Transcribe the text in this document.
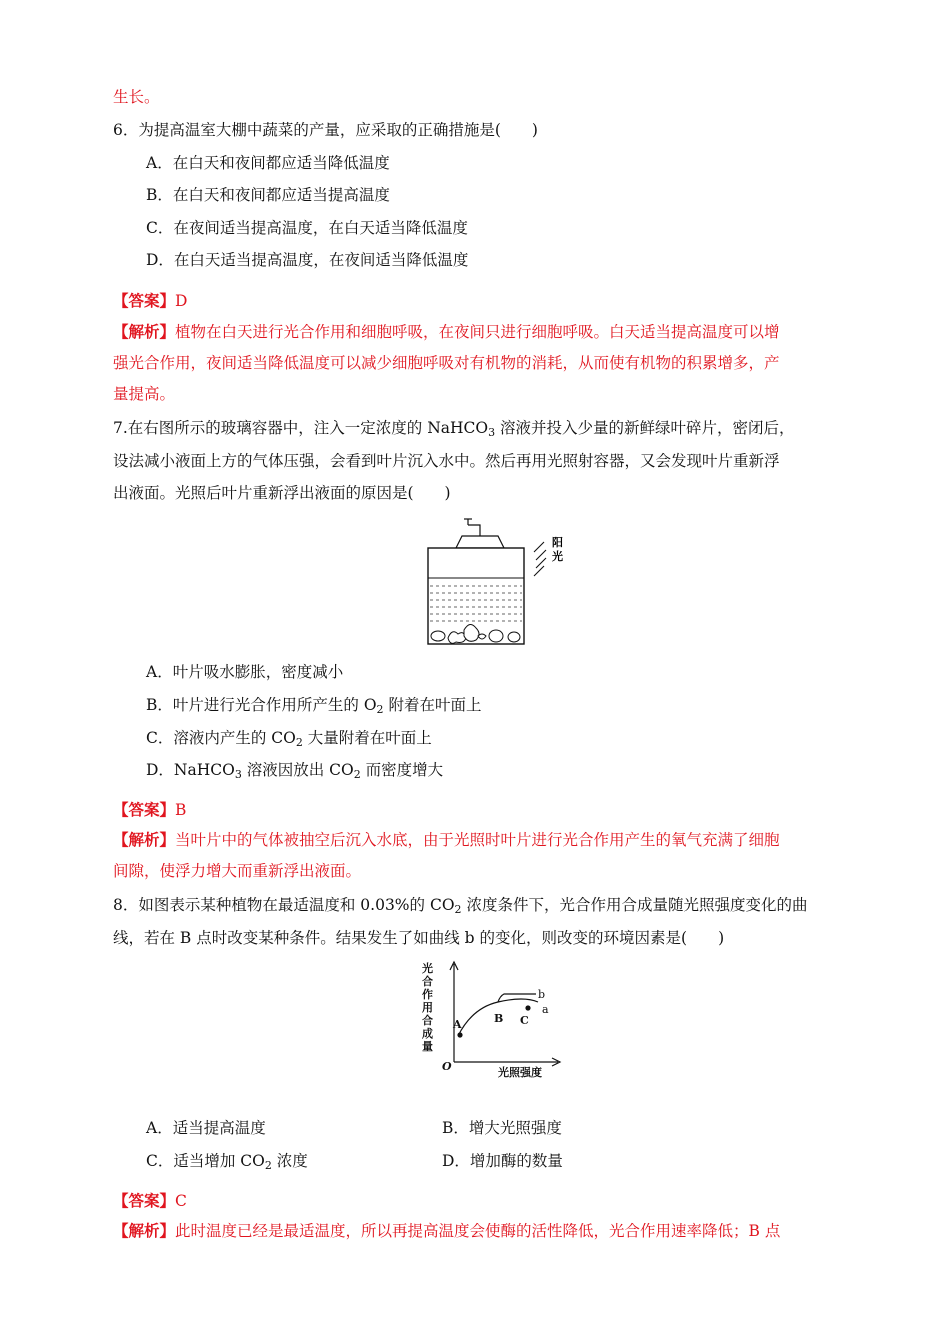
生长。
6．为提高温室大棚中蔬菜的产量，应采取的正确措施是(　　)
A．在白天和夜间都应适当降低温度
B．在白天和夜间都应适当提高温度
C．在夜间适当提高温度，在白天适当降低温度
D．在白天适当提高温度，在夜间适当降低温度
【答案】D
【解析】植物在白天进行光合作用和细胞呼吸，在夜间只进行细胞呼吸。白天适当提高温度可以增
强光合作用，夜间适当降低温度可以减少细胞呼吸对有机物的消耗，从而使有机物的积累增多，产
量提高。
7.在右图所示的玻璃容器中，注入一定浓度的 NaHCO$_3$ 溶液并投入少量的新鲜绿叶碎片，密闭后，
设法减小液面上方的气体压强，会看到叶片沉入水中。然后再用光照射容器，又会发现叶片重新浮
出液面。光照后叶片重新浮出液面的原因是(　　)
阳
光
A．叶片吸水膨胀，密度减小
B．叶片进行光合作用所产生的 $O_2$ 附着在叶面上
C．溶液内产生的 $CO_2$ 大量附着在叶面上
D．NaHCO$_3$ 溶液因放出 $CO_2$ 而密度增大
【答案】B
【解析】当叶片中的气体被抽空后沉入水底，由于光照时叶片进行光合作用产生的氧气充满了细胞
间隙，使浮力增大而重新浮出液面。
8．如图表示某种植物在最适温度和 0.03%的 $CO_2$ 浓度条件下，光合作用合成量随光照强度变化的曲
线，若在 B 点时改变某种条件。结果发生了如曲线 b 的变化，则改变的环境因素是(　　)
光
合
作
用
合
成
量
O
A	B C
a
b
光照强度
A．适当提高温度	B．增大光照强度
C．适当增加 $CO_2$ 浓度	D．增加酶的数量
【答案】C
【解析】此时温度已经是最适温度，所以再提高温度会使酶的活性降低，光合作用速率降低；B 点
